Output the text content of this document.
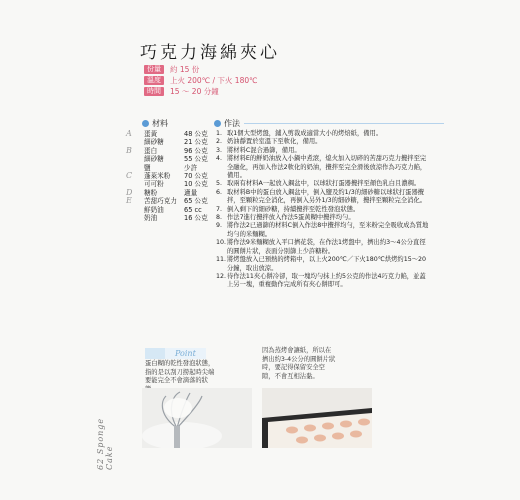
62 Sponge Cake
巧克力海綿夾心
份量	約 15 份
溫度	上火 200℃ / 下火 180℃
時間	15 ～ 20 分鐘
材料	作法
A 蛋黃	48 公克
細砂糖	21 公克
B 蛋白	96 公克
細砂糖	55 公克
鹽	少許
C 蓬萊米粉	70 公克
可可粉	10 公克
D 糖粉	適量
E 苦甜巧克力	65 公克
鮮奶油	65 cc
奶油	16 公克
1. 取1個大型烤盤，鋪入剪裁成適當大小的烤焙紙，備用。
2. 奶油靜置於室溫下至軟化，備用。
3. 將材料C混合過篩，備用。
4. 將材料E的鮮奶油放入小鍋中煮滾，熄火加入切碎的苦甜巧克力攪拌至完全融化，再加入作法2軟化的奶油，攪拌至完全滑後放涼作為巧克力餡，備用。
5. 取兩有材料A一起放入鋼盆中，以球狀打蛋器攪拌至顏色乳白且濃稠。
6. 取材料B中的蛋白放入鋼盆中，倒入鹽及約1/3的細砂糖以球狀打蛋器攪拌，至顆粒完全消化，再倒入另外1/3的細砂糖，攪拌至顆粒完全消化。
7. 倒入剩下的細砂糖，持續攪拌至乾性發泡狀態。
8. 作法7進行攪拌放入作法5蛋黃糊中攪拌均勻。
9. 將作法2已過篩的材料C倒入作法8中攪拌均勻，至米粉完全吸收成為質地均勻的米麵糊。
10. 將作法9米麵糊放入平口擠花袋，在作法1烤盤中，擠出約3～4公分直徑的圓餅片狀，表面分別篩上少許糖粉。
11. 將烤盤放入已預熱的烤箱中，以上火200℃／下火180℃烘烤約15～20分鐘，取出放涼。
12. 待作法11夾心餅冷卻，取一塊均勻抹上約5公克的作法4巧克力餡，並蓋上另一塊，重複動作完成所有夾心餅即可。
Point
蛋白糊的乾性發泡狀態，指的是以刮刀撈起時尖端要能完全不會滴落的狀
因為蒸烤會讓紙，所以在擠出約3-4公分的圓餅片狀時，要記得保留安全空隙，不會互相沾黏。
